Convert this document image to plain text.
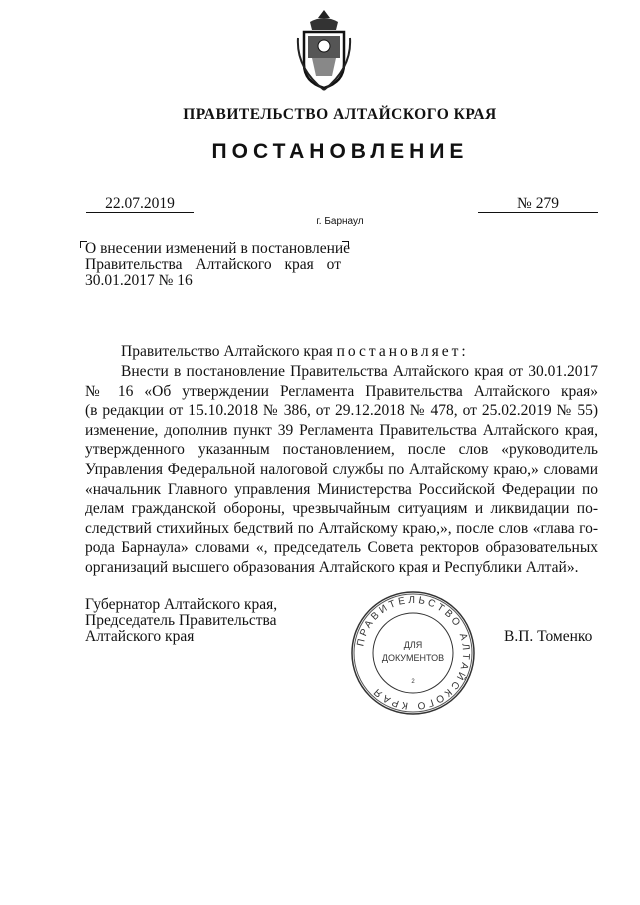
ПРАВИТЕЛЬСТВО АЛТАЙСКОГО КРАЯ
ПОСТАНОВЛЕНИЕ
22.07.2019	№ 279
г. Барнаул
О внесении изменений в постановление
Правительства Алтайского края от
30.01.2017 № 16
Правительство Алтайского края постановляет:
Внести в постановление Правительства Алтайского края от 30.01.2017
№ 16 «Об утверждении Регламента Правительства Алтайского края»
(в редакции от 15.10.2018 № 386, от 29.12.2018 № 478, от 25.02.2019 № 55)
изменение, дополнив пункт 39 Регламента Правительства Алтайского края,
утвержденного указанным постановлением, после слов «руководитель
Управления Федеральной налоговой службы по Алтайскому краю,» словами
«начальник Главного управления Министерства Российской Федерации по
делам гражданской обороны, чрезвычайным ситуациям и ликвидации по-
следствий стихийных бедствий по Алтайскому краю,», после слов «глава го-
рода Барнаула» словами «, председатель Совета ректоров образовательных
организаций высшего образования Алтайского края и Республики Алтай».
Губернатор Алтайского края,
Председатель Правительства
Алтайского края	В.П. Томенко
ПРАВИТЕЛЬСТВО АЛТАЙСКОГО КРАЯ
ДЛЯ
ДОКУМЕНТОВ
2
